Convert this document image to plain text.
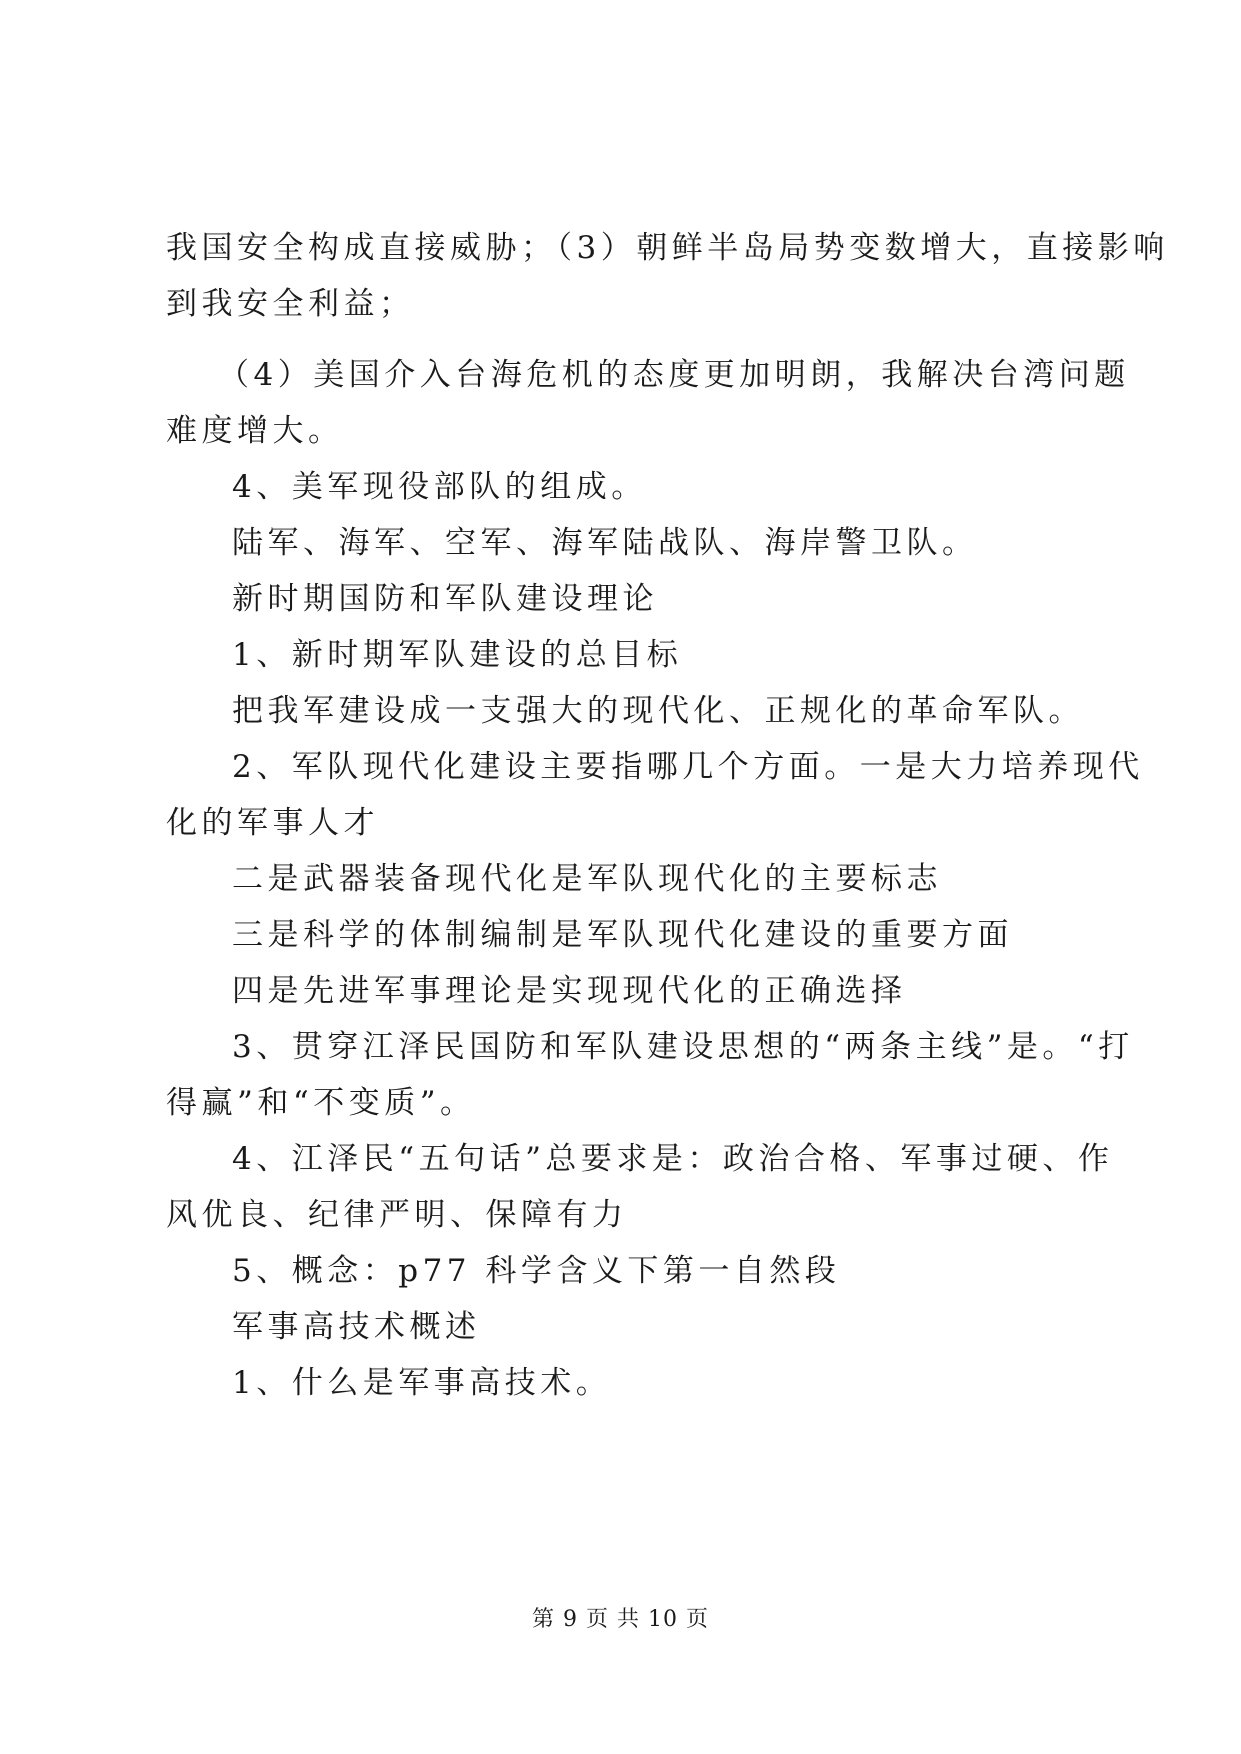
我国安全构成直接威胁；（3）朝鲜半岛局势变数增大，直接影响
到我安全利益；
（4）美国介入台海危机的态度更加明朗，我解决台湾问题
难度增大。
4、美军现役部队的组成。
陆军、海军、空军、海军陆战队、海岸警卫队。
新时期国防和军队建设理论
1、新时期军队建设的总目标
把我军建设成一支强大的现代化、正规化的革命军队。
2、军队现代化建设主要指哪几个方面。一是大力培养现代
化的军事人才
二是武器装备现代化是军队现代化的主要标志
三是科学的体制编制是军队现代化建设的重要方面
四是先进军事理论是实现现代化的正确选择
3、贯穿江泽民国防和军队建设思想的“两条主线”是。“打
得赢”和“不变质”。
4、江泽民“五句话”总要求是：政治合格、军事过硬、作
风优良、纪律严明、保障有力
5、概念：p77 科学含义下第一自然段
军事高技术概述
1、什么是军事高技术。
第 9 页 共 10 页
